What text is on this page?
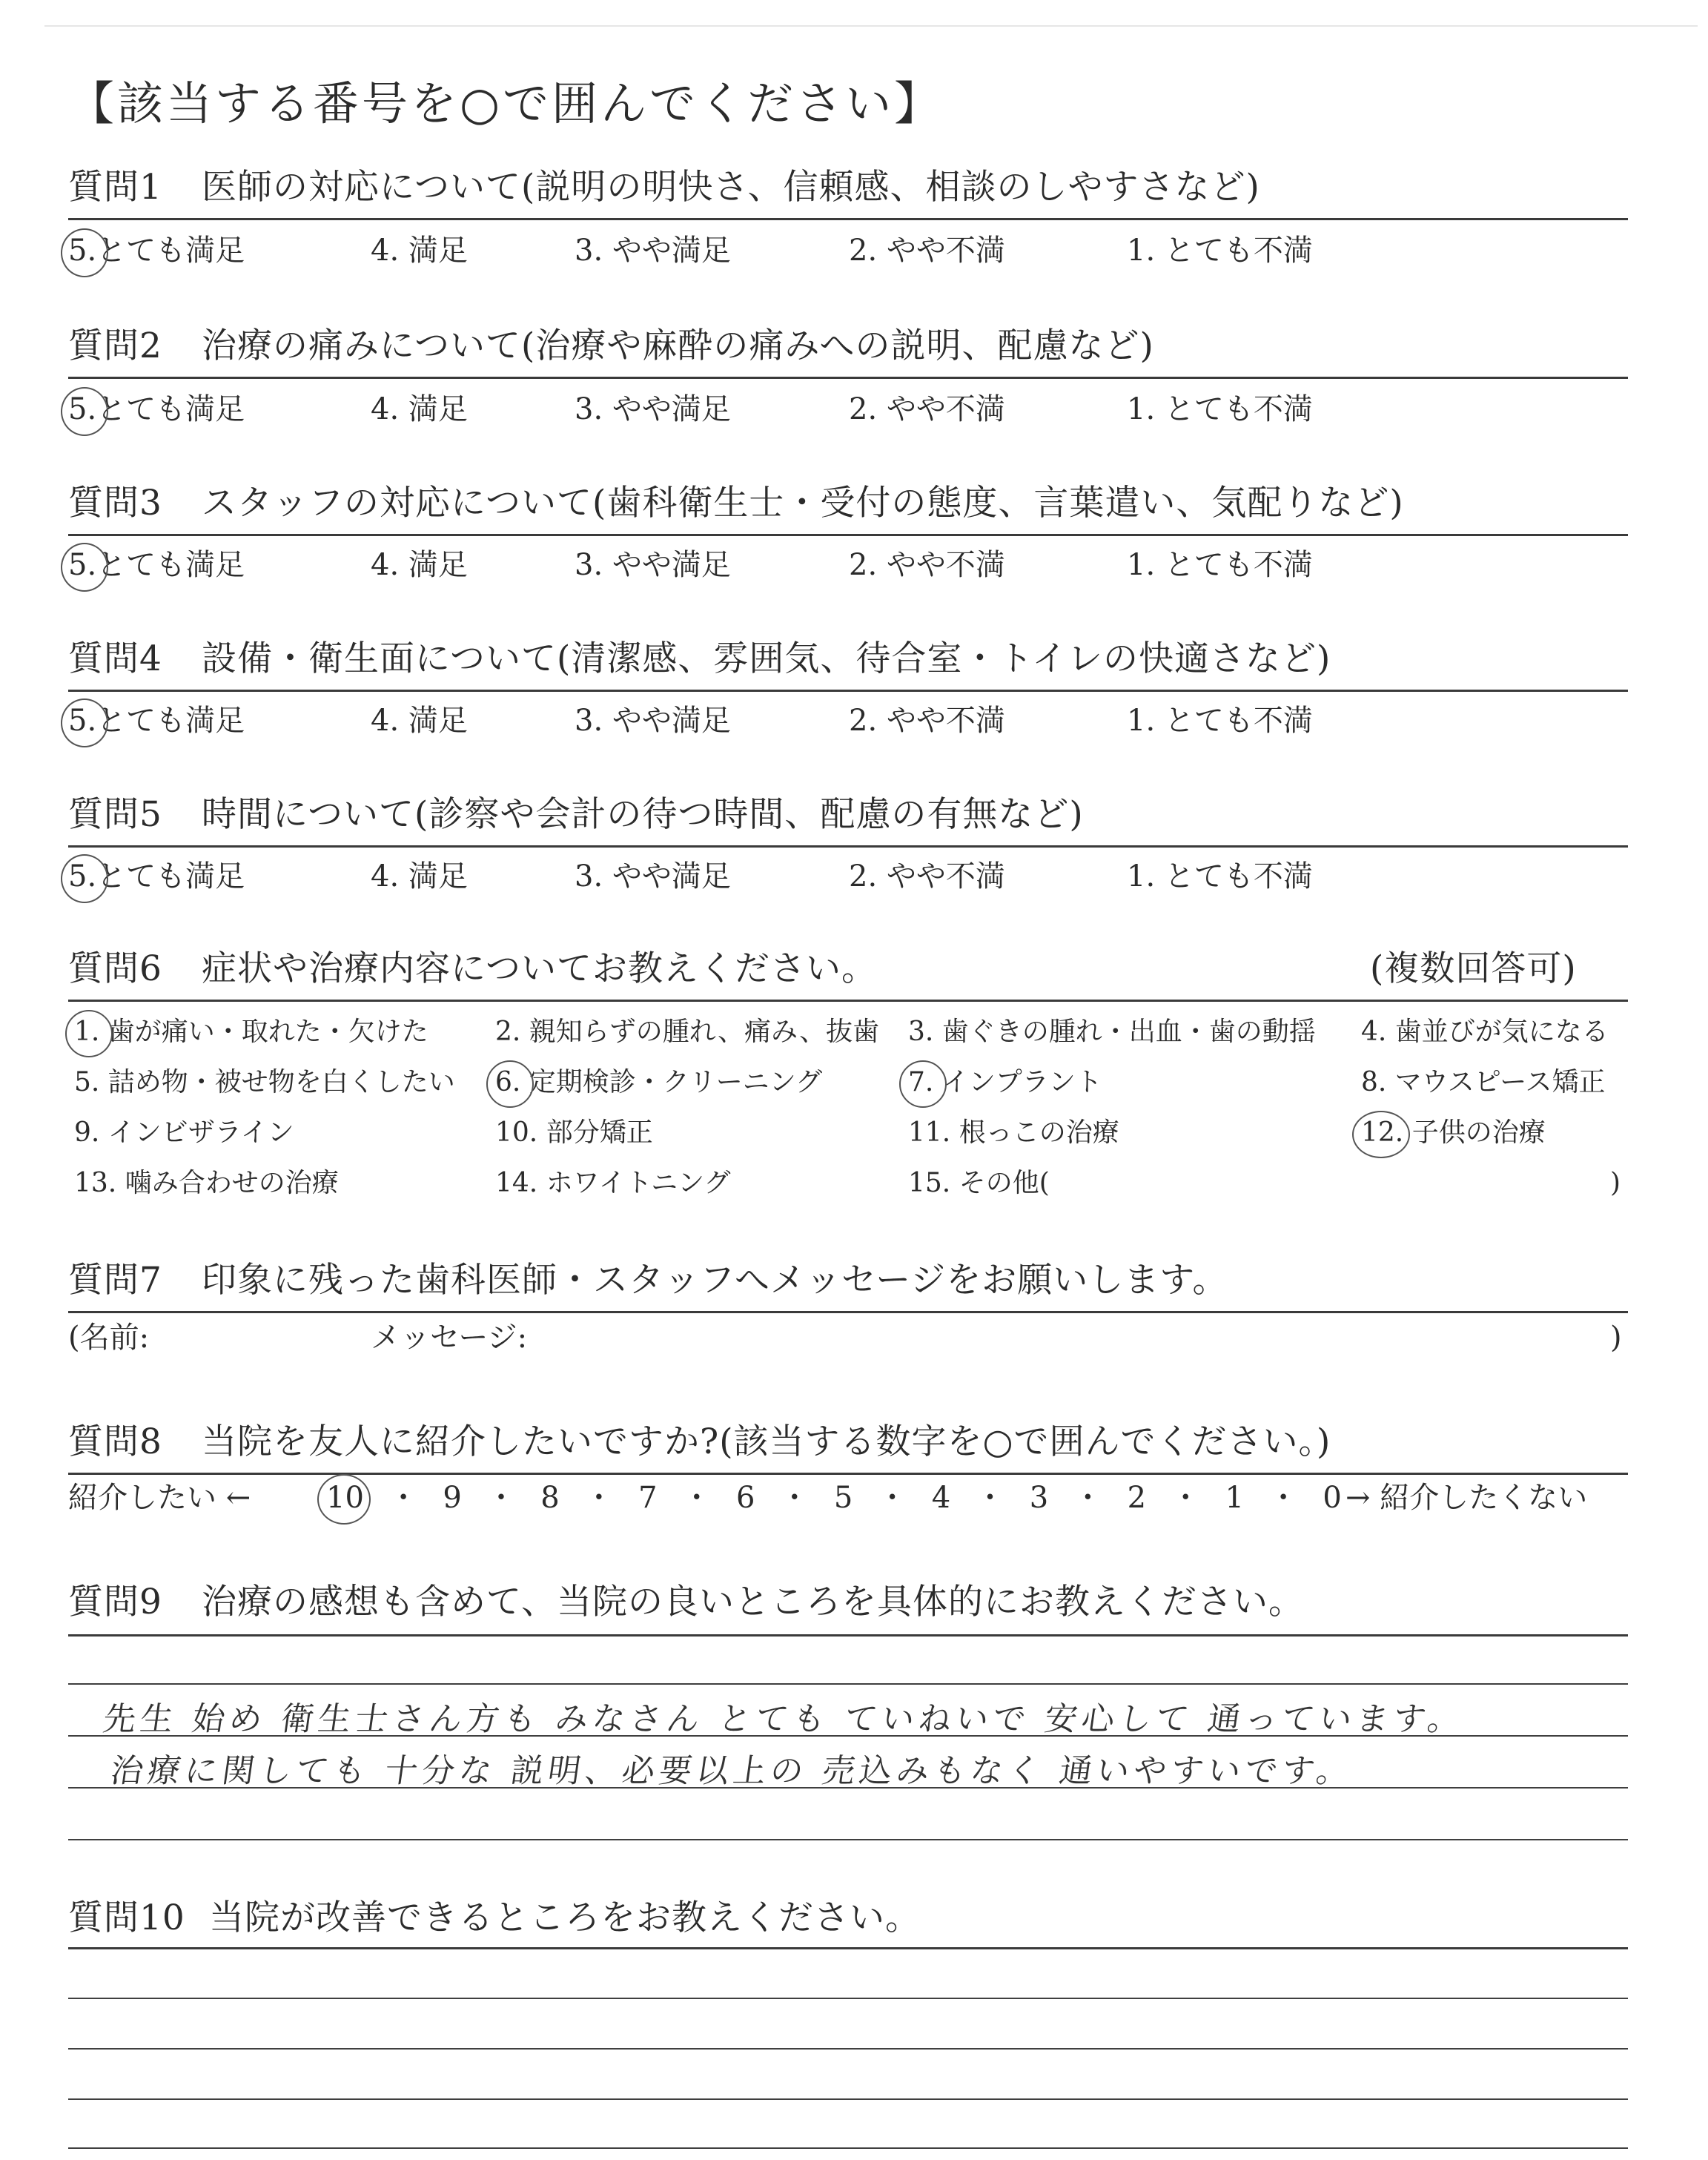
【該当する番号を○で囲んでください】
質問1 医師の対応について(説明の明快さ、信頼感、相談のしやすさなど)
5.とても満足	4. 満足	3. やや満足	2. やや不満	1. とても不満
質問2 治療の痛みについて(治療や麻酔の痛みへの説明、配慮など)
5.とても満足	4. 満足	3. やや満足	2. やや不満	1. とても不満
質問3 スタッフの対応について(歯科衛生士・受付の態度、言葉遣い、気配りなど)
5.とても満足	4. 満足	3. やや満足	2. やや不満	1. とても不満
質問4 設備・衛生面について(清潔感、雰囲気、待合室・トイレの快適さなど)
5.とても満足	4. 満足	3. やや満足	2. やや不満	1. とても不満
質問5 時間について(診察や会計の待つ時間、配慮の有無など)
5.とても満足	4. 満足	3. やや満足	2. やや不満	1. とても不満
質問6 症状や治療内容についてお教えください。	(複数回答可)
1. 歯が痛い・取れた・欠けた	2. 親知らずの腫れ、痛み、抜歯 3. 歯ぐきの腫れ・出血・歯の動揺 4. 歯並びが気になる
5. 詰め物・被せ物を白くしたい 6. 定期検診・クリーニング	7. インプラント	8. マウスピース矯正
9. インビザライン	10. 部分矯正	11. 根っこの治療	12. 子供の治療
13. 噛み合わせの治療	14. ホワイトニング	15. その他(	)
質問7 印象に残った歯科医師・スタッフへメッセージをお願いします。
(名前:	メッセージ:	)
質問8 当院を友人に紹介したいですか?(該当する数字を○で囲んでください。)
紹介したい ←	→ 紹介したくない
10 ・ 9 ・ 8 ・ 7 ・ 6 ・ 5 ・ 4 ・ 3 ・ 2 ・ 1 ・ 0
質問9 治療の感想も含めて、当院の良いところを具体的にお教えください。
先生 始め 衛生士さん方も みなさん とても ていねいで 安心して 通っています。
治療に関しても 十分な 説明、必要以上の 売込みもなく 通いやすいです。
質問10 当院が改善できるところをお教えください。
